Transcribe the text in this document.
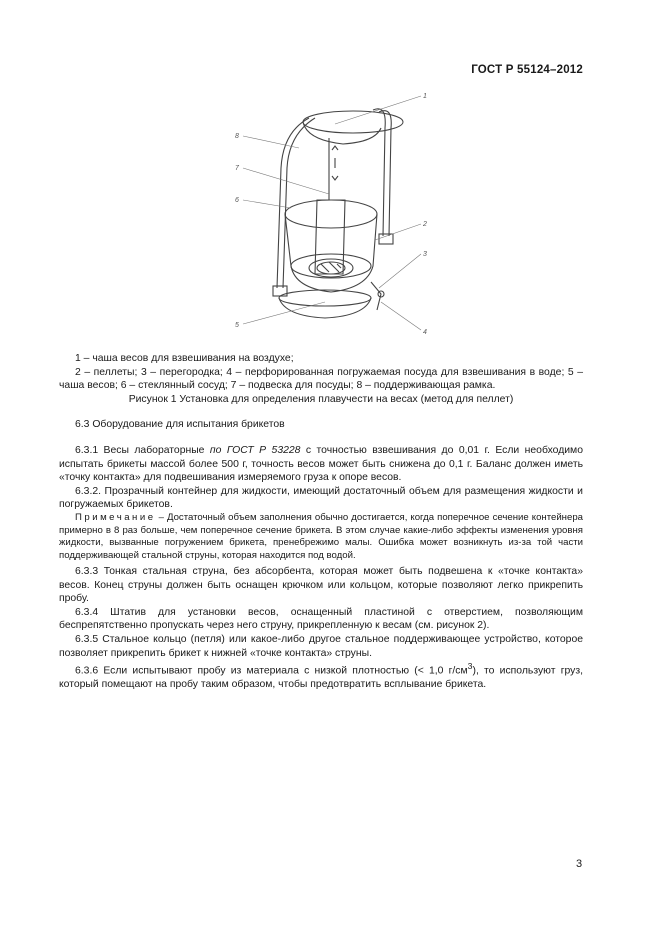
ГОСТ Р 55124–2012
1
2
3
4
5
6
7
8

1 – чаша весов для взвешивания на воздухе;

2 – пеллеты; 3 – перегородка; 4 – перфорированная погружаемая посуда для взвешивания в воде; 5 – чаша весов; 6 – стеклянный сосуд; 7 – подвеска для посуды; 8 – поддерживающая рамка.

Рисунок 1 Установка для определения плавучести на весах (метод для пеллет)

6.3 Оборудование для испытания брикетов

6.3.1 Весы лабораторные по ГОСТ Р 53228 с точностью взвешивания до 0,01 г. Если необходимо испытать брикеты массой более 500 г, точность весов может быть снижена до 0,1 г. Баланс должен иметь «точку контакта» для подвешивания измеряемого груза к опоре весов.

6.3.2. Прозрачный контейнер для жидкости, имеющий достаточный объем для размещения жидкости и погружаемых брикетов.

Примечание – Достаточный объем заполнения обычно достигается, когда поперечное сечение контейнера примерно в 8 раз больше, чем поперечное сечение брикета. В этом случае какие-либо эффекты изменения уровня жидкости, вызванные погружением брикета, пренебрежимо малы. Ошибка может возникнуть из-за той части поддерживающей стальной струны, которая находится под водой.

6.3.3 Тонкая стальная струна, без абсорбента, которая может быть подвешена к «точке контакта» весов. Конец струны должен быть оснащен крючком или кольцом, которые позволяют легко прикрепить пробу.

6.3.4 Штатив для установки весов, оснащенный пластиной с отверстием, позволяющим беспрепятственно пропускать через него струну, прикрепленную к весам (см. рисунок 2).

6.3.5 Стальное кольцо (петля) или какое-либо другое стальное поддерживающее устройство, которое позволяет прикрепить брикет к нижней «точке контакта» струны.

6.3.6 Если испытывают пробу из материала с низкой плотностью (< 1,0 $г/см^3$), то используют груз, который помещают на пробу таким образом, чтобы предотвратить всплывание брикета.

3
